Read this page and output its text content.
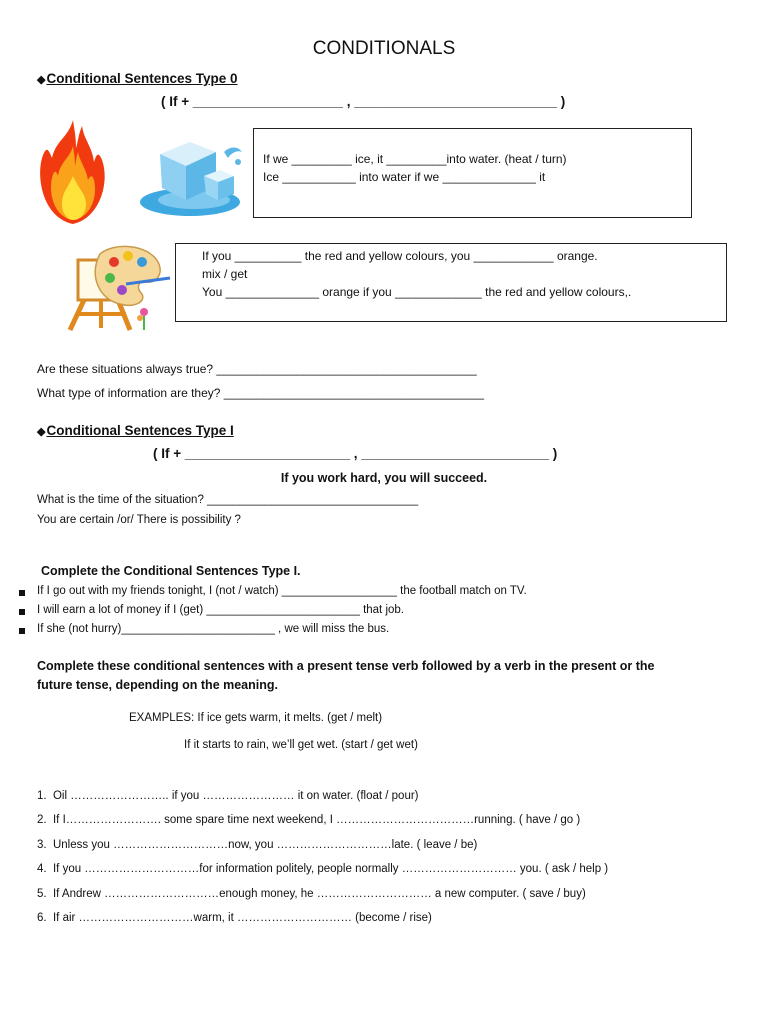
CONDITIONALS
◆Conditional Sentences Type 0
( If + ____________________ , ___________________________ )
If we _________ ice, it _________into water. (heat / turn)
Ice ___________ into water if we ______________ it
If you __________ the red and yellow colours, you ____________ orange.
mix / get
You ______________ orange if you _____________ the red and yellow colours,.
Are these situations always true? _______________________________________
What type of information are they? _______________________________________
◆Conditional Sentences Type I
( If + ______________________ , _________________________ )
If you work hard, you will succeed.
What is the time of the situation? _________________________________
You are certain /or/ There is possibility ?
Complete the Conditional Sentences Type I.
If I go out with my friends tonight, I (not / watch) __________________ the football match on TV.
I will earn a lot of money if I (get) ________________________ that job.
If she (not hurry)________________________ , we will miss the bus.
Complete these conditional sentences with a present tense verb followed by a verb in the present or the
future tense, depending on the meaning.
EXAMPLES: If ice gets warm, it melts. (get / melt)
If it starts to rain, we’ll get wet. (start / get wet)
1. Oil …………………….. if you …………………… it on water. (float / pour)
2. If I……………………. some spare time next weekend, I ………………………………running. ( have / go )
3. Unless you …………………………now, you …………………………late. ( leave / be)
4. If you …………………………for information politely, people normally ………………………… you. ( ask / help )
5. If Andrew …………………………enough money, he ………………………… a new computer. ( save / buy)
6. If air …………………………warm, it ………………………… (become / rise)
